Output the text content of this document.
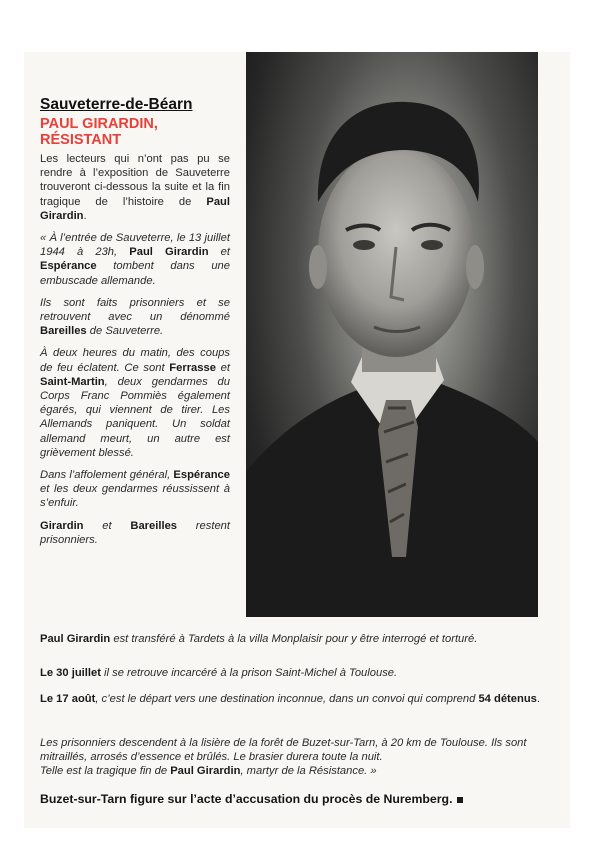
Sauveterre-de-Béarn
PAUL GIRARDIN,
RÉSISTANT

Les lecteurs qui n’ont pas pu se rendre à l’exposition de Sauveterre trouveront ci-dessous la suite et la fin tragique de l’histoire de Paul Girardin.

« À l’entrée de Sauveterre, le 13 juillet 1944 à 23h, Paul Girardin et Espérance tombent dans une embuscade allemande.

Ils sont faits prisonniers et se retrouvent avec un dénommé Bareilles de Sauveterre.

À deux heures du matin, des coups de feu éclatent. Ce sont Ferrasse et Saint-Martin, deux gendarmes du Corps Franc Pommiès également égarés, qui viennent de tirer. Les Allemands paniquent. Un soldat allemand meurt, un autre est grièvement blessé.

Dans l’affolement général, Espérance et les deux gendarmes réussissent à s’enfuir.

Girardin et Bareilles restent prisonniers.

Paul Girardin est transféré à Tardets à la villa Monplaisir pour y être interrogé et torturé.
Le 30 juillet il se retrouve incarcéré à la prison Saint-Michel à Toulouse.
Le 17 août, c’est le départ vers une destination inconnue, dans un convoi qui comprend 54 détenus.
Les prisonniers descendent à la lisière de la forêt de Buzet-sur-Tarn, à 20 km de Toulouse. Ils sont mitraillés, arrosés d’essence et brûlés. Le brasier durera toute la nuit.
Telle est la tragique fin de Paul Girardin, martyr de la Résistance. »
Buzet-sur-Tarn figure sur l’acte d’accusation du procès de Nuremberg.
